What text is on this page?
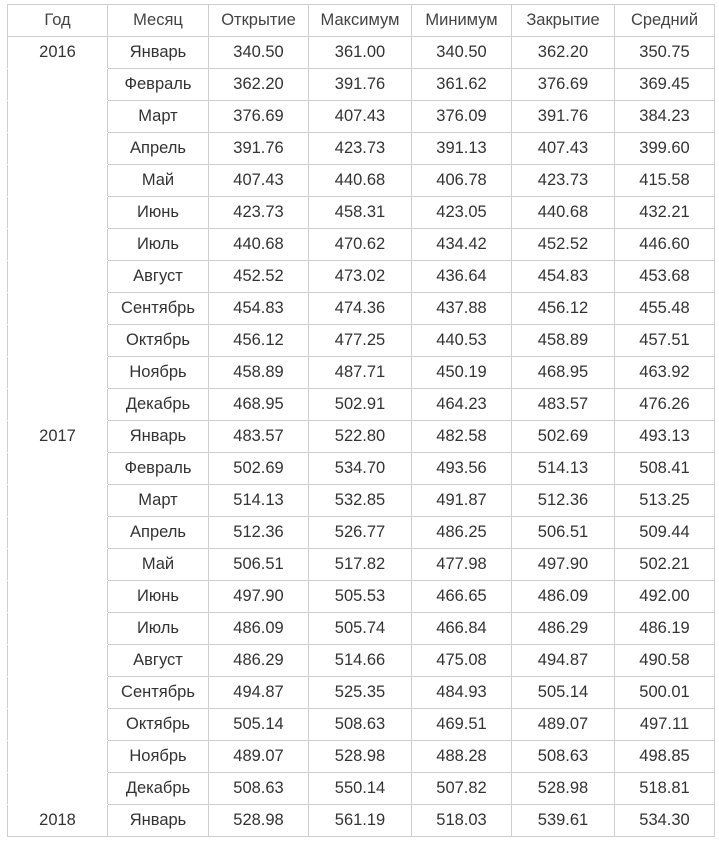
Год	Месяц	Открытие	Максимум	Минимум	Закрытие	Средний
2016	Январь	340.50	361.00	340.50	362.20	350.75
	Февраль	362.20	391.76	361.62	376.69	369.45
	Март	376.69	407.43	376.09	391.76	384.23
	Апрель	391.76	423.73	391.13	407.43	399.60
	Май	407.43	440.68	406.78	423.73	415.58
	Июнь	423.73	458.31	423.05	440.68	432.21
	Июль	440.68	470.62	434.42	452.52	446.60
	Август	452.52	473.02	436.64	454.83	453.68
	Сентябрь	454.83	474.36	437.88	456.12	455.48
	Октябрь	456.12	477.25	440.53	458.89	457.51
	Ноябрь	458.89	487.71	450.19	468.95	463.92
	Декабрь	468.95	502.91	464.23	483.57	476.26
2017	Январь	483.57	522.80	482.58	502.69	493.13
	Февраль	502.69	534.70	493.56	514.13	508.41
	Март	514.13	532.85	491.87	512.36	513.25
	Апрель	512.36	526.77	486.25	506.51	509.44
	Май	506.51	517.82	477.98	497.90	502.21
	Июнь	497.90	505.53	466.65	486.09	492.00
	Июль	486.09	505.74	466.84	486.29	486.19
	Август	486.29	514.66	475.08	494.87	490.58
	Сентябрь	494.87	525.35	484.93	505.14	500.01
	Октябрь	505.14	508.63	469.51	489.07	497.11
	Ноябрь	489.07	528.98	488.28	508.63	498.85
	Декабрь	508.63	550.14	507.82	528.98	518.81
2018	Январь	528.98	561.19	518.03	539.61	534.30
